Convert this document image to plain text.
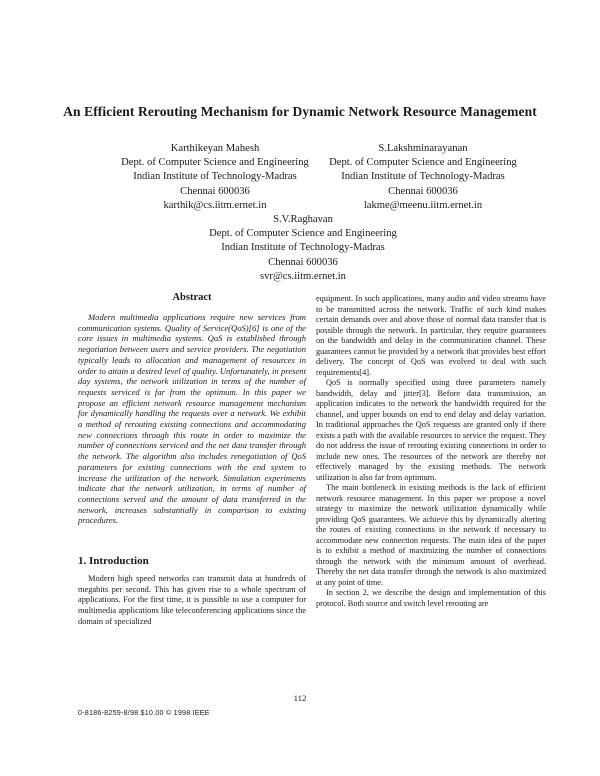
An Efficient Rerouting Mechanism for Dynamic Network Resource Management
Karthikeyan Mahesh
Dept. of Computer Science and Engineering
Indian Institute of Technology-Madras
Chennai 600036
karthik@cs.iitm.ernet.in
S.Lakshminarayanan
Dept. of Computer Science and Engineering
Indian Institute of Technology-Madras
Chennai 600036
lakme@meenu.iitm.ernet.in
S.V.Raghavan
Dept. of Computer Science and Engineering
Indian Institute of Technology-Madras
Chennai 600036
svr@cs.iitm.ernet.in
Abstract
Modern multimedia applications require new services from communication systems. Quality of Service(QoS)[6] is one of the core issues in multimedia systems. QoS is established through negotiation between users and service providers. The negotiation typically leads to allocation and management of resources in order to attain a desired level of quality. Unfortunately, in present day systems, the network utilization in terms of the number of requests serviced is far from the optimum. In this paper we propose an efficient network resource management mechanism for dynamically handling the requests over a network. We exhibit a method of rerouting existing connections and accommodating new connections through this route in order to maximize the number of connections serviced and the net data transfer through the network. The algorithm also includes renegotiation of QoS parameters for existing connections with the end system to increase the utilization of the network. Simulation experiments indicate that the network utilization, in terms of number of connections served and the amount of data transferred in the network, increases substantially in comparison to existing procedures.
1. Introduction

Modern high speed networks can transmit data at hundreds of megabits per second. This has given rise to a whole spectrum of applications. For the first time, it is possible to use a computer for multimedia applications like teleconferencing applications since the domain of specialized

equipment. In such applications, many audio and video streams have to be transmitted across the network. Traffic of such kind makes certain demands over and above those of normal data transfer that is possible through the network. In particular, they require guarantees on the bandwidth and delay in the communication channel. These guarantees cannot be provided by a network that provides best effort delivery. The concept of QoS was evolved to deal with such requirements[4].

QoS is normally specified using three parameters namely bandwidth, delay and jitter[3]. Before data transmission, an application indicates to the network the bandwidth required for the channel, and upper bounds on end to end delay and delay variation. In traditional approaches the QoS requests are granted only if there exists a path with the available resources to service the request. They do not address the issue of rerouting existing connections in order to include new ones. The resources of the network are thereby not effectively managed by the existing methods. The network utilization is also far from optimum.

The main bottleneck in existing methods is the lack of efficient network resource management. In this paper we propose a novel strategy to maximize the network utilization dynamically while providing QoS guarantees. We achieve this by dynamically altering the routes of existing connections in the network if necessary to accommodate new connection requests. The main idea of the paper is to exhibit a method of maximizing the number of connections through the network with the minimum amount of overhead. Thereby the net data transfer through the network is also maximized at any point of time.

In section 2, we describe the design and implementation of this protocol. Both source and switch level rerouting are

112
0-8186-8259-8/98 $10.00 © 1998 IEEE
